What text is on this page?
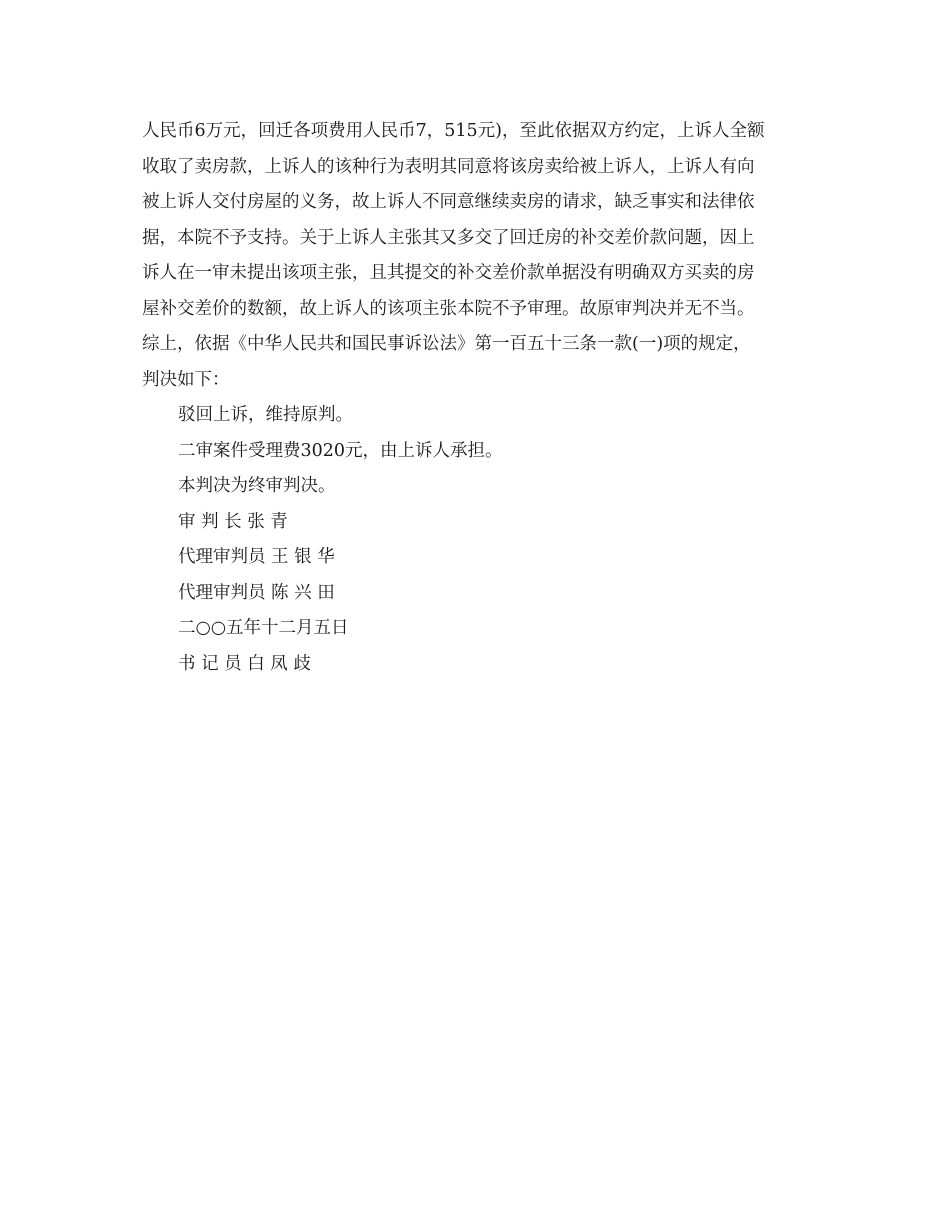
人民币6万元，回迁各项费用人民币7，515元)，至此依据双方约定，上诉人全额
收取了卖房款，上诉人的该种行为表明其同意将该房卖给被上诉人，上诉人有向
被上诉人交付房屋的义务，故上诉人不同意继续卖房的请求，缺乏事实和法律依
据，本院不予支持。关于上诉人主张其又多交了回迁房的补交差价款问题，因上
诉人在一审未提出该项主张，且其提交的补交差价款单据没有明确双方买卖的房
屋补交差价的数额，故上诉人的该项主张本院不予审理。故原审判决并无不当。
综上，依据《中华人民共和国民事诉讼法》第一百五十三条一款(一)项的规定，
判决如下：
驳回上诉，维持原判。
二审案件受理费3020元，由上诉人承担。
本判决为终审判决。
审 判 长 张 青
代理审判员 王 银 华
代理审判员 陈 兴 田
二○○五年十二月五日
书 记 员 白 凤 歧
